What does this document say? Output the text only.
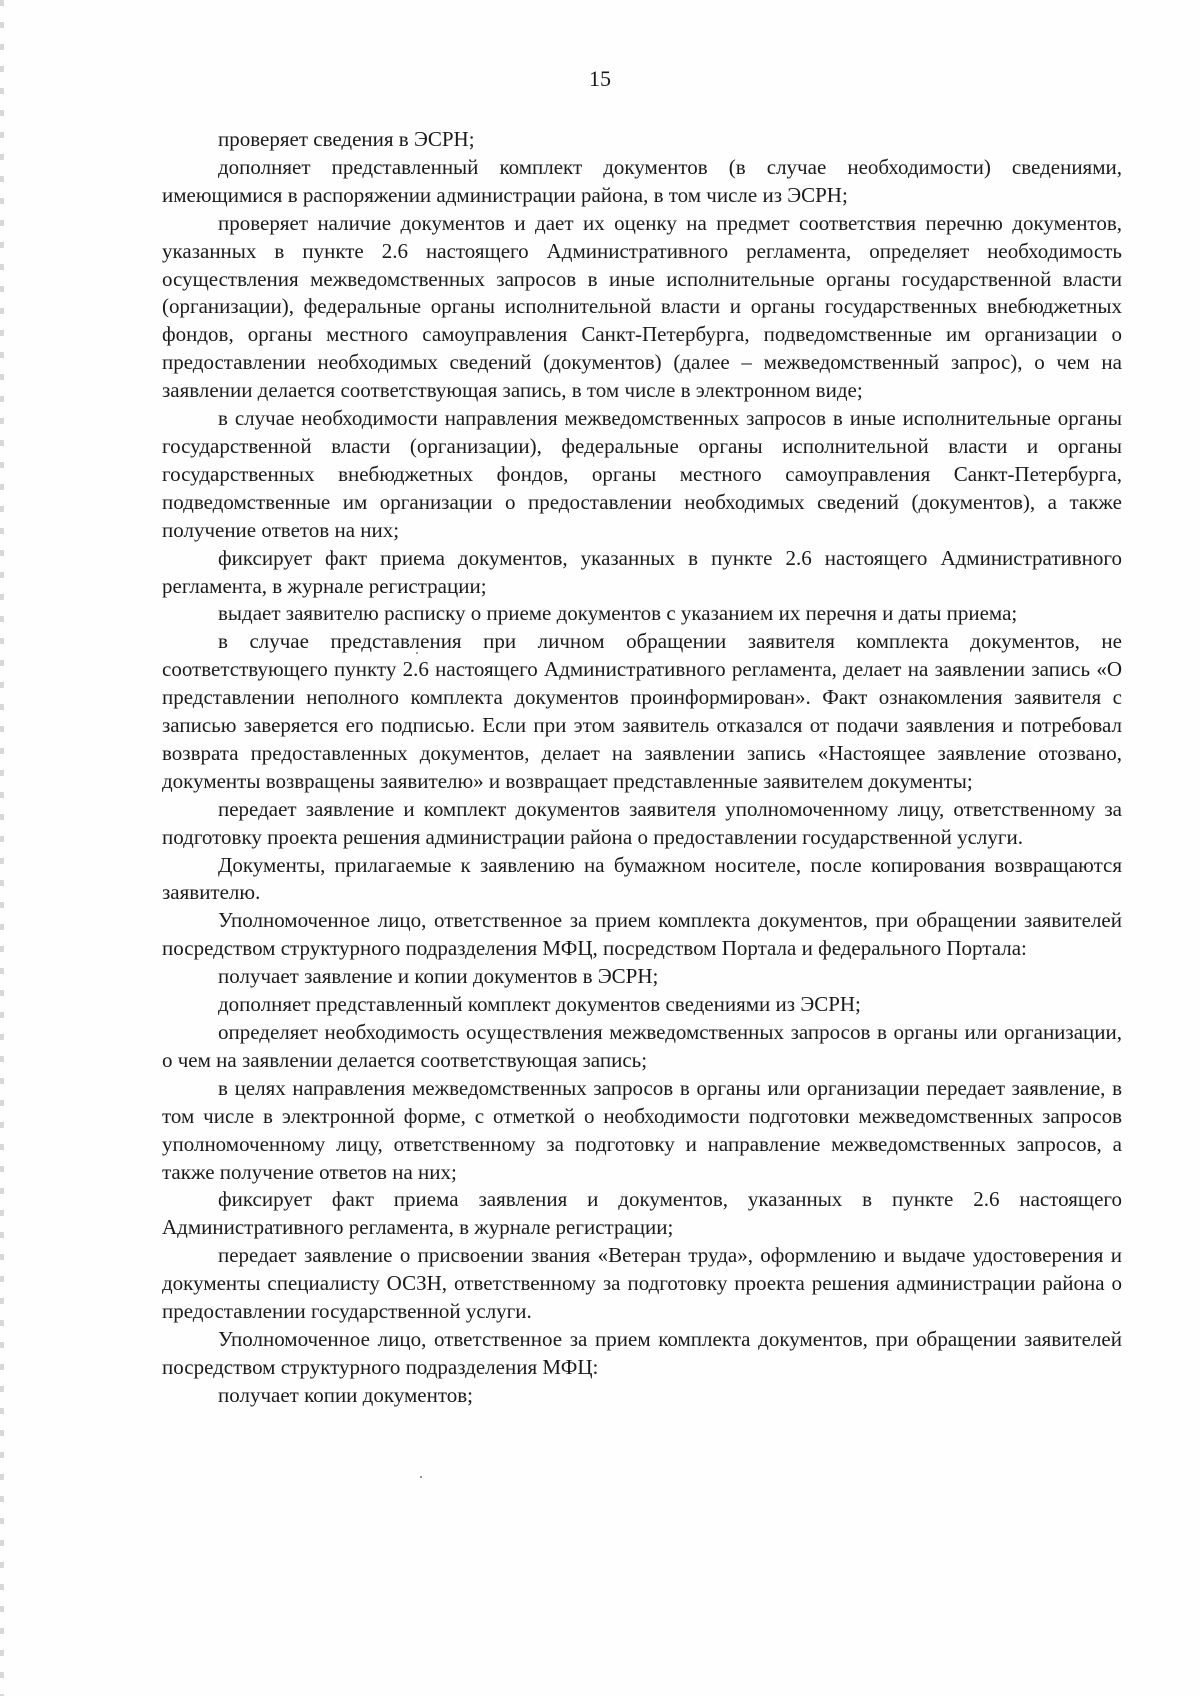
15

проверяет сведения в ЭСРН;

дополняет представленный комплект документов (в случае необходимости) сведениями, имеющимися в распоряжении администрации района, в том числе из ЭСРН;

проверяет наличие документов и дает их оценку на предмет соответствия перечню документов, указанных в пункте 2.6 настоящего Административного регламента, определяет необходимость осуществления межведомственных запросов в иные исполнительные органы государственной власти (организации), федеральные органы исполнительной власти и органы государственных внебюджетных фондов, органы местного самоуправления Санкт-Петербурга, подведомственные им организации о предоставлении необходимых сведений (документов) (далее – межведомственный запрос), о чем на заявлении делается соответствующая запись, в том числе в электронном виде;

в случае необходимости направления межведомственных запросов в иные исполнительные органы государственной власти (организации), федеральные органы исполнительной власти и органы государственных внебюджетных фондов, органы местного самоуправления Санкт-Петербурга, подведомственные им организации о предоставлении необходимых сведений (документов), а также получение ответов на них;

фиксирует факт приема документов, указанных в пункте 2.6 настоящего Административного регламента, в журнале регистрации;

выдает заявителю расписку о приеме документов с указанием их перечня и даты приема;

в случае представления при личном обращении заявителя комплекта документов, не соответствующего пункту 2.6 настоящего Административного регламента, делает на заявлении запись «О представлении неполного комплекта документов проинформирован». Факт ознакомления заявителя с записью заверяется его подписью. Если при этом заявитель отказался от подачи заявления и потребовал возврата предоставленных документов, делает на заявлении запись «Настоящее заявление отозвано, документы возвращены заявителю» и возвращает представленные заявителем документы;

передает заявление и комплект документов заявителя уполномоченному лицу, ответственному за подготовку проекта решения администрации района о предоставлении государственной услуги.

Документы, прилагаемые к заявлению на бумажном носителе, после копирования возвращаются заявителю.

Уполномоченное лицо, ответственное за прием комплекта документов, при обращении заявителей посредством структурного подразделения МФЦ, посредством Портала и федерального Портала:

получает заявление и копии документов в ЭСРН;

дополняет представленный комплект документов сведениями из ЭСРН;

определяет необходимость осуществления межведомственных запросов в органы или организации, о чем на заявлении делается соответствующая запись;

в целях направления межведомственных запросов в органы или организации передает заявление, в том числе в электронной форме, с отметкой о необходимости подготовки межведомственных запросов уполномоченному лицу, ответственному за подготовку и направление межведомственных запросов, а также получение ответов на них;

фиксирует факт приема заявления и документов, указанных в пункте 2.6 настоящего Административного регламента, в журнале регистрации;

передает заявление о присвоении звания «Ветеран труда», оформлению и выдаче удостоверения и документы специалисту ОСЗН, ответственному за подготовку проекта решения администрации района о предоставлении государственной услуги.

Уполномоченное лицо, ответственное за прием комплекта документов, при обращении заявителей посредством структурного подразделения МФЦ:

получает копии документов;
